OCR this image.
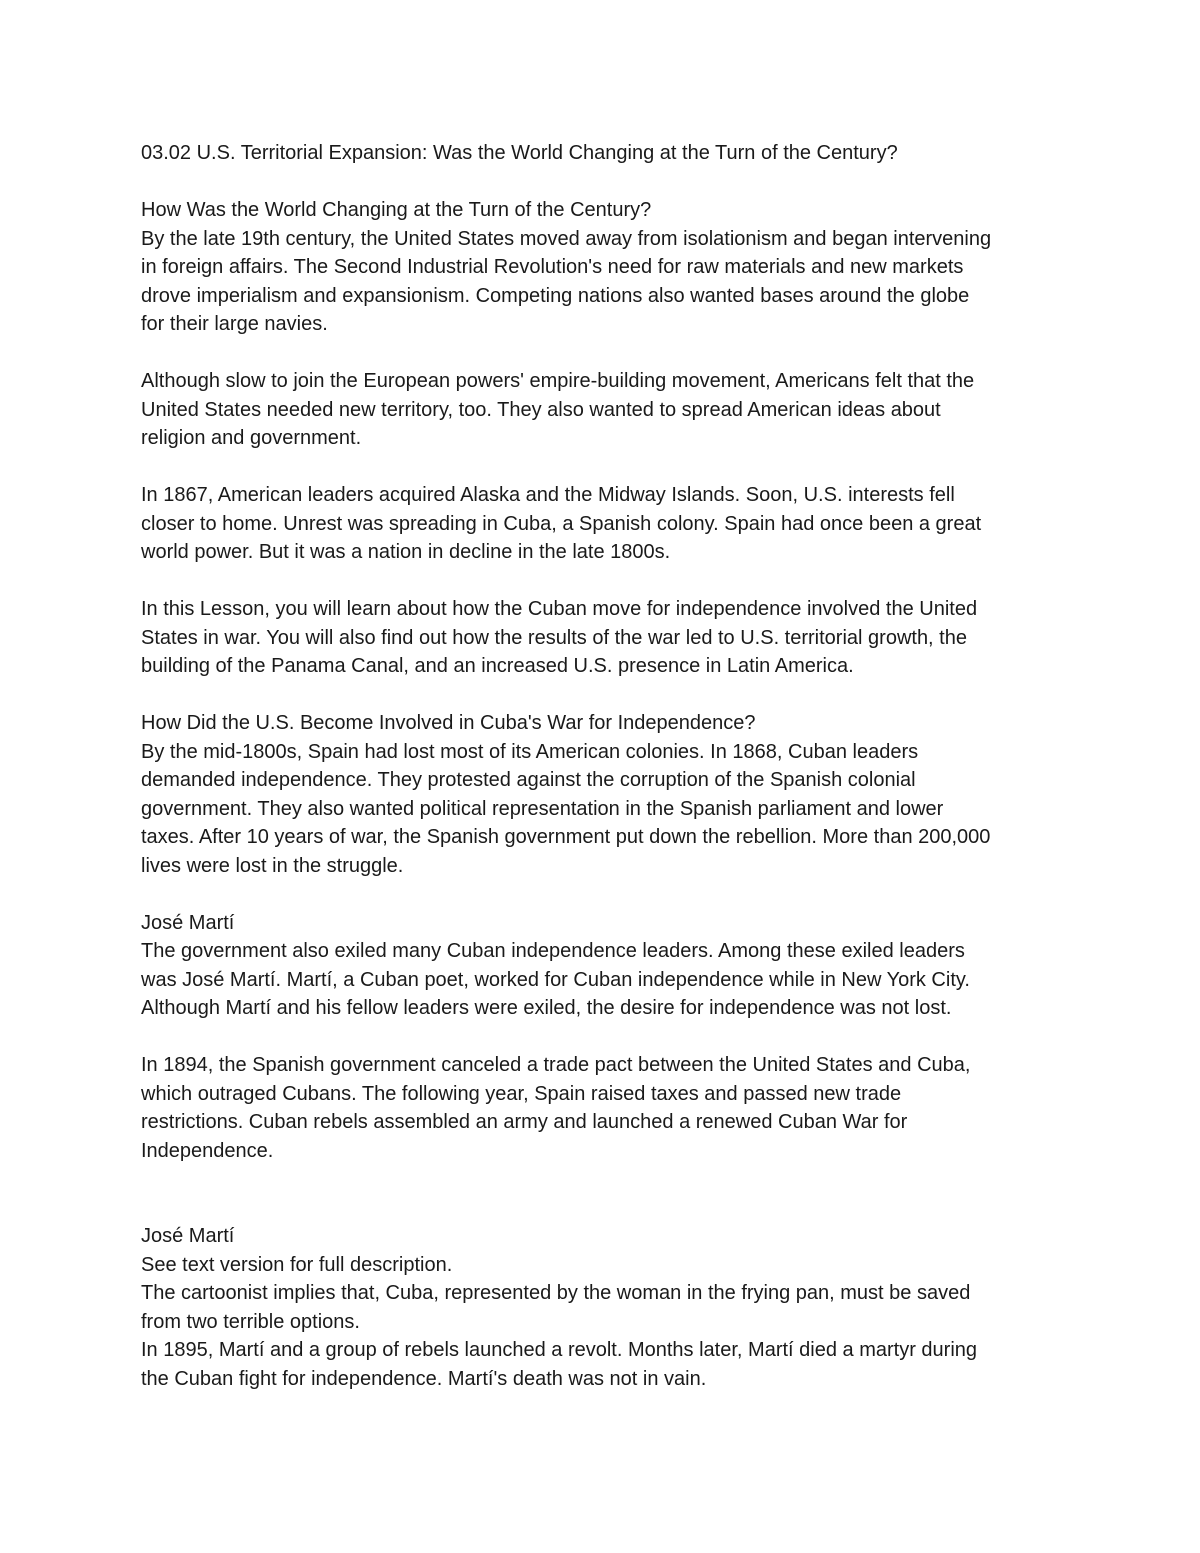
03.02 U.S. Territorial Expansion: Was the World Changing at the Turn of the Century?
How Was the World Changing at the Turn of the Century?
By the late 19th century, the United States moved away from isolationism and began intervening
in foreign affairs. The Second Industrial Revolution's need for raw materials and new markets
drove imperialism and expansionism. Competing nations also wanted bases around the globe
for their large navies.
Although slow to join the European powers' empire-building movement, Americans felt that the
United States needed new territory, too. They also wanted to spread American ideas about
religion and government.
In 1867, American leaders acquired Alaska and the Midway Islands. Soon, U.S. interests fell
closer to home. Unrest was spreading in Cuba, a Spanish colony. Spain had once been a great
world power. But it was a nation in decline in the late 1800s.
In this Lesson, you will learn about how the Cuban move for independence involved the United
States in war. You will also find out how the results of the war led to U.S. territorial growth, the
building of the Panama Canal, and an increased U.S. presence in Latin America.
How Did the U.S. Become Involved in Cuba's War for Independence?
By the mid-1800s, Spain had lost most of its American colonies. In 1868, Cuban leaders
demanded independence. They protested against the corruption of the Spanish colonial
government. They also wanted political representation in the Spanish parliament and lower
taxes. After 10 years of war, the Spanish government put down the rebellion. More than 200,000
lives were lost in the struggle.
José Martí
The government also exiled many Cuban independence leaders. Among these exiled leaders
was José Martí. Martí, a Cuban poet, worked for Cuban independence while in New York City.
Although Martí and his fellow leaders were exiled, the desire for independence was not lost.
In 1894, the Spanish government canceled a trade pact between the United States and Cuba,
which outraged Cubans. The following year, Spain raised taxes and passed new trade
restrictions. Cuban rebels assembled an army and launched a renewed Cuban War for
Independence.
José Martí
See text version for full description.
The cartoonist implies that, Cuba, represented by the woman in the frying pan, must be saved
from two terrible options.
In 1895, Martí and a group of rebels launched a revolt. Months later, Martí died a martyr during
the Cuban fight for independence. Martí's death was not in vain.
